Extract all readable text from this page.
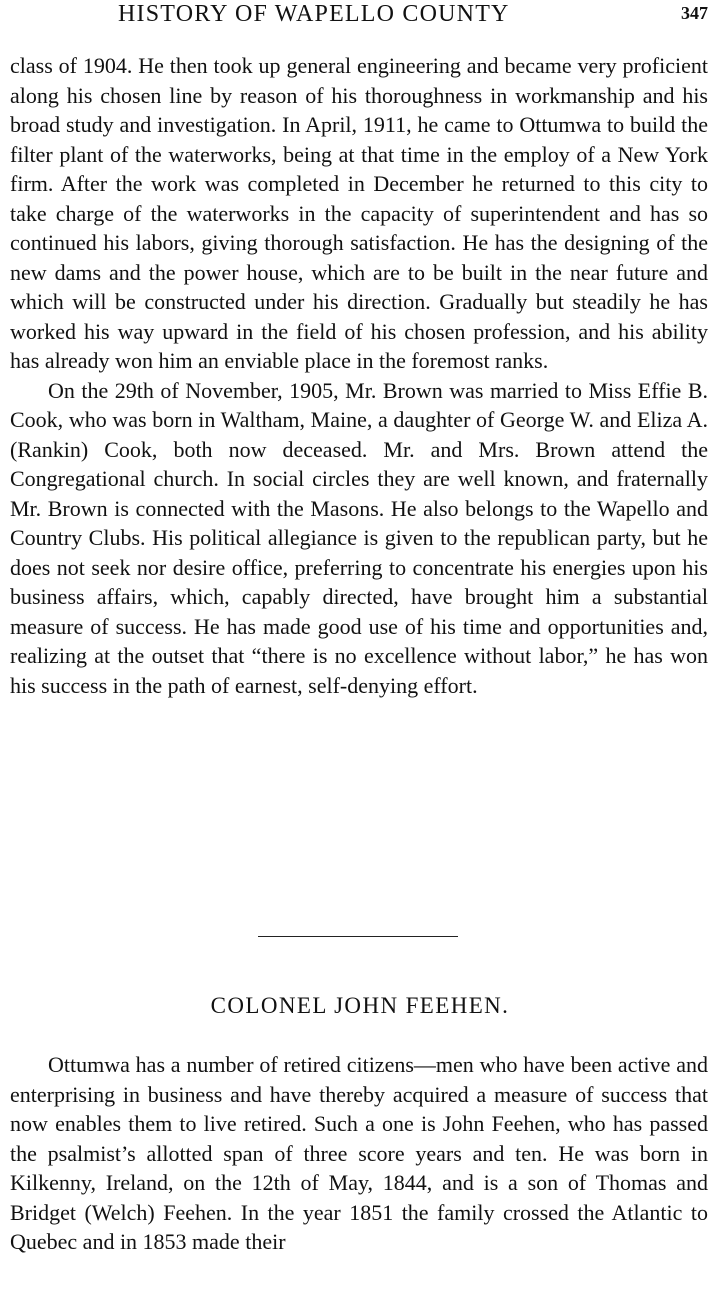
HISTORY OF WAPELLO COUNTY	347

class of 1904. He then took up general engineering and became very proficient along his chosen line by reason of his thoroughness in workmanship and his broad study and investigation. In April, 1911, he came to Ottumwa to build the filter plant of the waterworks, being at that time in the employ of a New York firm. After the work was completed in December he returned to this city to take charge of the waterworks in the capacity of superintendent and has so continued his labors, giving thorough satisfaction. He has the designing of the new dams and the power house, which are to be built in the near future and which will be constructed under his direction. Gradually but steadily he has worked his way upward in the field of his chosen profession, and his ability has already won him an enviable place in the foremost ranks.

On the 29th of November, 1905, Mr. Brown was married to Miss Effie B. Cook, who was born in Waltham, Maine, a daughter of George W. and Eliza A. (Rankin) Cook, both now deceased. Mr. and Mrs. Brown attend the Congregational church. In social circles they are well known, and fraternally Mr. Brown is connected with the Masons. He also belongs to the Wapello and Country Clubs. His political allegiance is given to the republican party, but he does not seek nor desire office, preferring to concentrate his energies upon his business affairs, which, capably directed, have brought him a substantial measure of success. He has made good use of his time and opportunities and, realizing at the outset that “there is no excellence without labor,” he has won his success in the path of earnest, self-denying effort.

COLONEL JOHN FEEHEN.

Ottumwa has a number of retired citizens—men who have been active and enterprising in business and have thereby acquired a measure of success that now enables them to live retired. Such a one is John Feehen, who has passed the psalmist’s allotted span of three score years and ten. He was born in Kilkenny, Ireland, on the 12th of May, 1844, and is a son of Thomas and Bridget (Welch) Feehen. In the year 1851 the family crossed the Atlantic to Quebec and in 1853 made their
